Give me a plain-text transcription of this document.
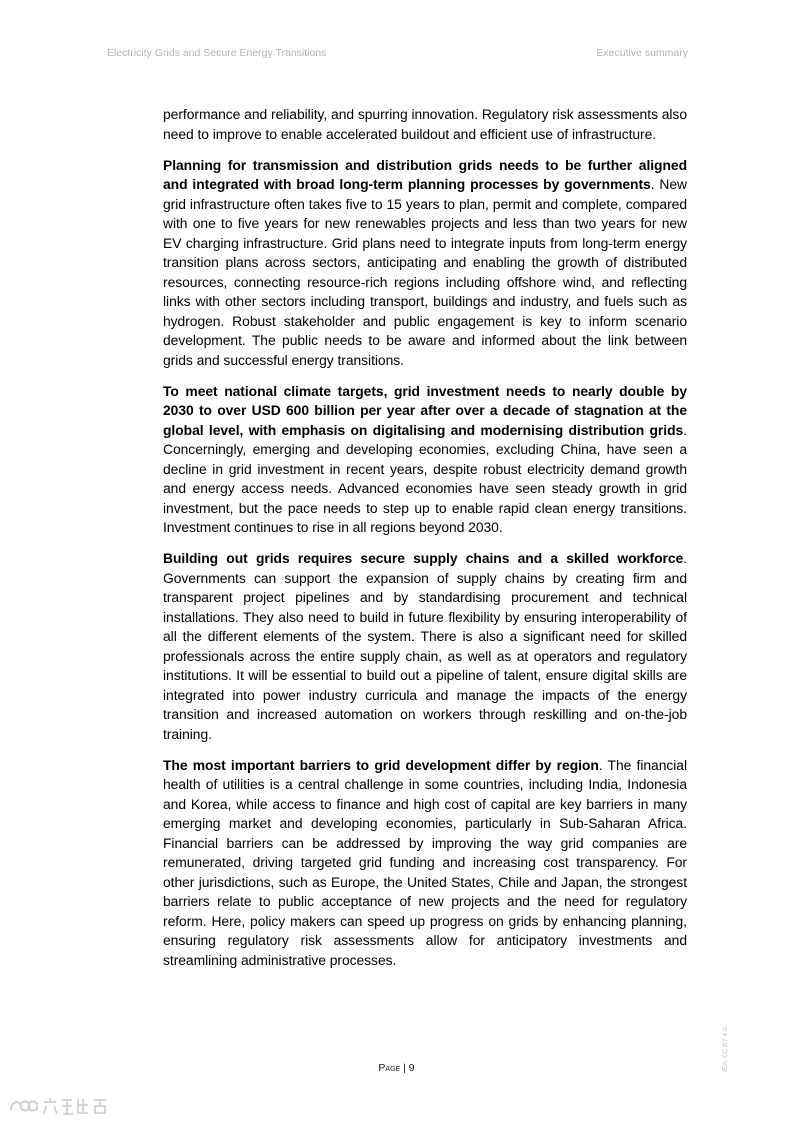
Electricity Grids and Secure Energy Transitions	Executive summary

performance and reliability, and spurring innovation. Regulatory risk assessments also need to improve to enable accelerated buildout and efficient use of infrastructure.

Planning for transmission and distribution grids needs to be further aligned and integrated with broad long-term planning processes by governments. New grid infrastructure often takes five to 15 years to plan, permit and complete, compared with one to five years for new renewables projects and less than two years for new EV charging infrastructure. Grid plans need to integrate inputs from long-term energy transition plans across sectors, anticipating and enabling the growth of distributed resources, connecting resource-rich regions including offshore wind, and reflecting links with other sectors including transport, buildings and industry, and fuels such as hydrogen. Robust stakeholder and public engagement is key to inform scenario development. The public needs to be aware and informed about the link between grids and successful energy transitions.

To meet national climate targets, grid investment needs to nearly double by 2030 to over USD 600 billion per year after over a decade of stagnation at the global level, with emphasis on digitalising and modernising distribution grids. Concerningly, emerging and developing economies, excluding China, have seen a decline in grid investment in recent years, despite robust electricity demand growth and energy access needs. Advanced economies have seen steady growth in grid investment, but the pace needs to step up to enable rapid clean energy transitions. Investment continues to rise in all regions beyond 2030.

Building out grids requires secure supply chains and a skilled workforce. Governments can support the expansion of supply chains by creating firm and transparent project pipelines and by standardising procurement and technical installations. They also need to build in future flexibility by ensuring interoperability of all the different elements of the system. There is also a significant need for skilled professionals across the entire supply chain, as well as at operators and regulatory institutions. It will be essential to build out a pipeline of talent, ensure digital skills are integrated into power industry curricula and manage the impacts of the energy transition and increased automation on workers through reskilling and on-the-job training.

The most important barriers to grid development differ by region. The financial health of utilities is a central challenge in some countries, including India, Indonesia and Korea, while access to finance and high cost of capital are key barriers in many emerging market and developing economies, particularly in Sub-Saharan Africa. Financial barriers can be addressed by improving the way grid companies are remunerated, driving targeted grid funding and increasing cost transparency. For other jurisdictions, such as Europe, the United States, Chile and Japan, the strongest barriers relate to public acceptance of new projects and the need for regulatory reform. Here, policy makers can speed up progress on grids by enhancing planning, ensuring regulatory risk assessments allow for anticipatory investments and streamlining administrative processes.

Page | 9	IEA. CC BY 4.0.
